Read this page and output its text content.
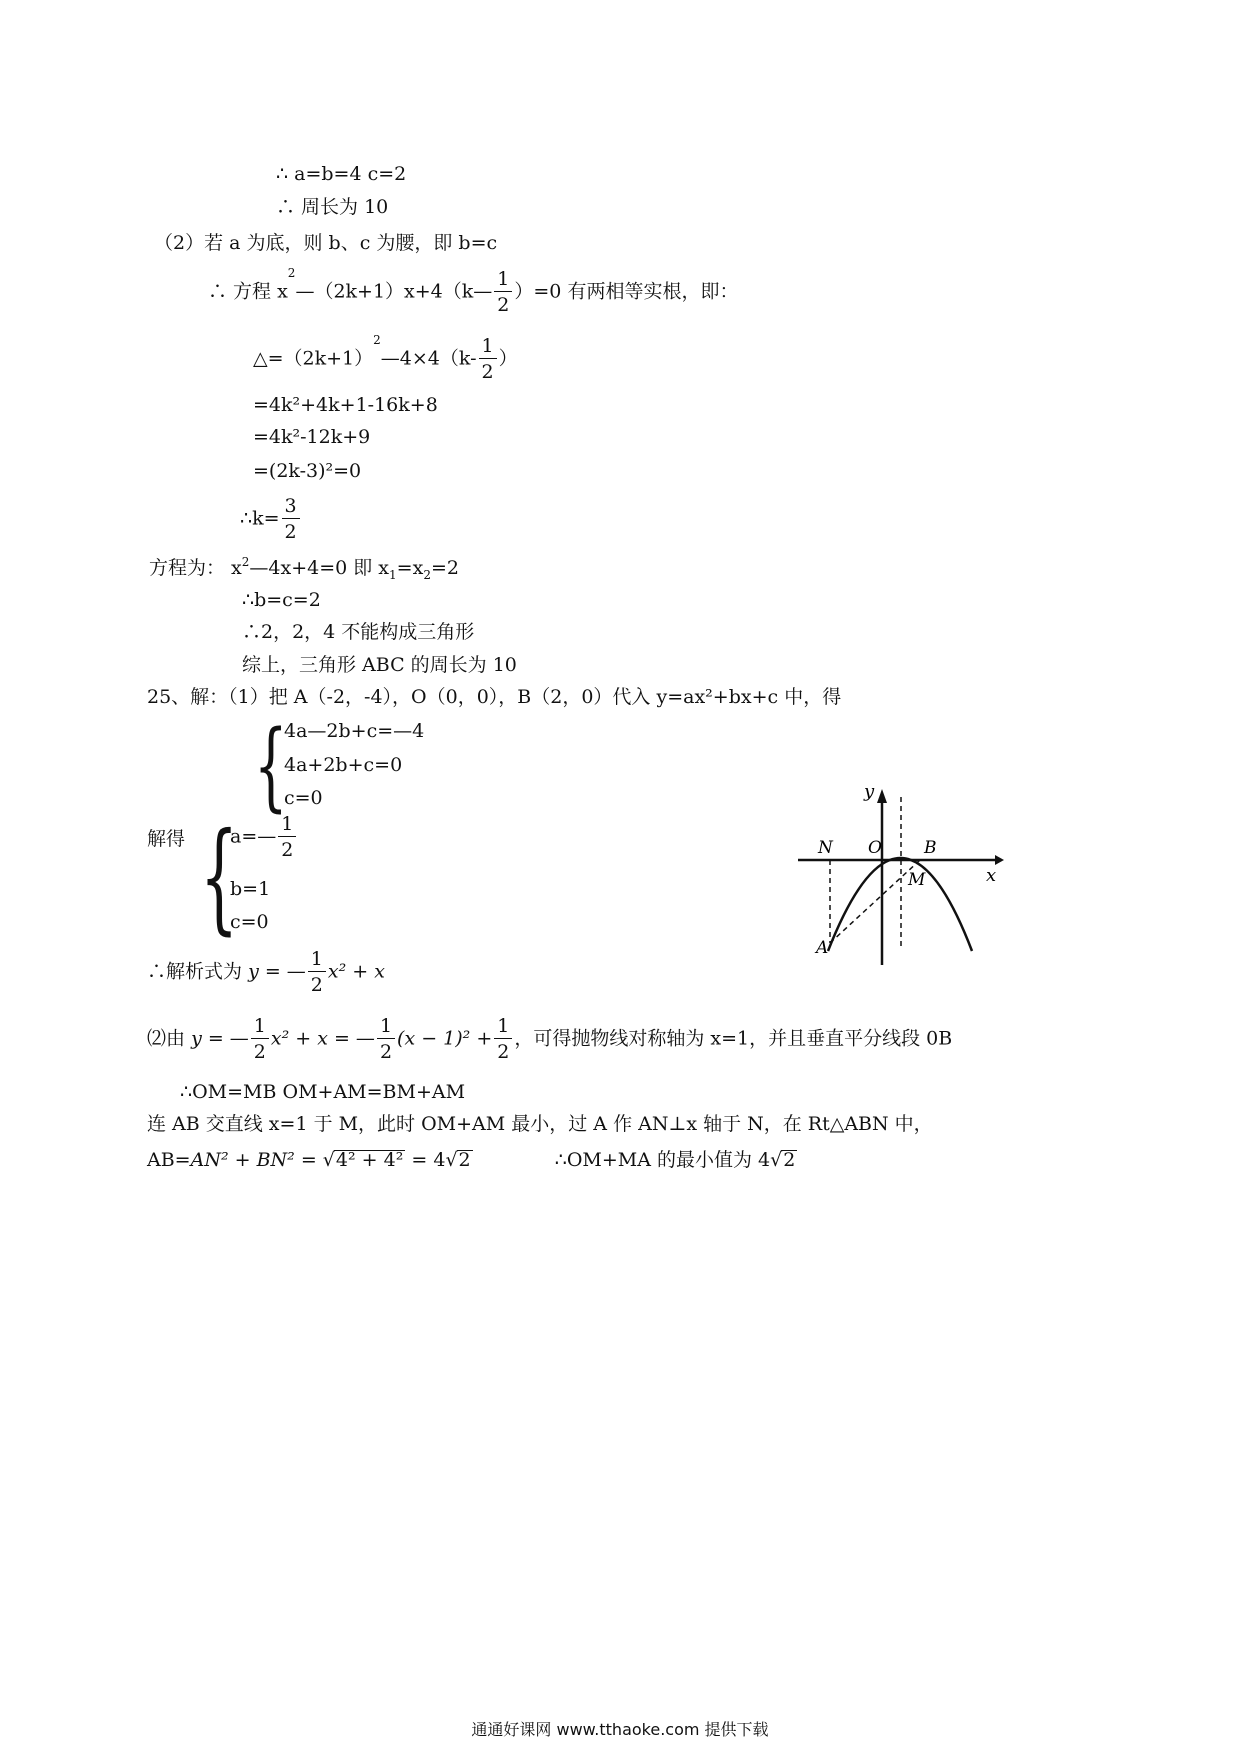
∴ a=b=4 c=2
∴ 周长为 10
（2）若 a 为底，则 b、c 为腰，即 b=c
∴ 方程 $x^2—(2k+1)x+4(k— \frac{1}{2} )=0$ 有两相等实根，即：
$\triangle=(2k+1)^2—4\times 4(k- \frac{1}{2}$ ）
=4k²+4k+1-16k+8
=4k²-12k+9
=(2k-3)²=0
∴k= $\frac{3}{2}$
方程为： $x^2—4x+4=0$ 即 $x_1=x_2=2$
∴b=c=2
∴2，2，4 不能构成三角形
综上，三角形 ABC 的周长为 10
25、解：（1）把 A（-2，-4），O（0，0），B（2，0）代入 y=ax²+bx+c 中，得
{
4a—2b+c=—4
4a+2b+c=0
c=0
解得 {
a=— $\frac{1}{2}$
b=1
c=0
∴解析式为 y = — $\frac{1}{2} x^2 + x$
⑵由 y = — $\frac{1}{2} x^2 + x$ = — $\frac{1}{2} (x - 1)^2 + \frac{1}{2}$ ，可得抛物线对称轴为 x=1，并且垂直平分线段 0B
∴OM=MB OM+AM=BM+AM
连 AB 交直线 x=1 于 M，此时 OM+AM 最小，过 A 作 AN⊥x 轴于 N，在 Rt△ABN 中，
AB=AN² + BN² = √4² + 4² = 4√2	∴OM+MA 的最小值为 4√2
y
x
N O B
M
A
通通好课网 www.tthaoke.com 提供下载
